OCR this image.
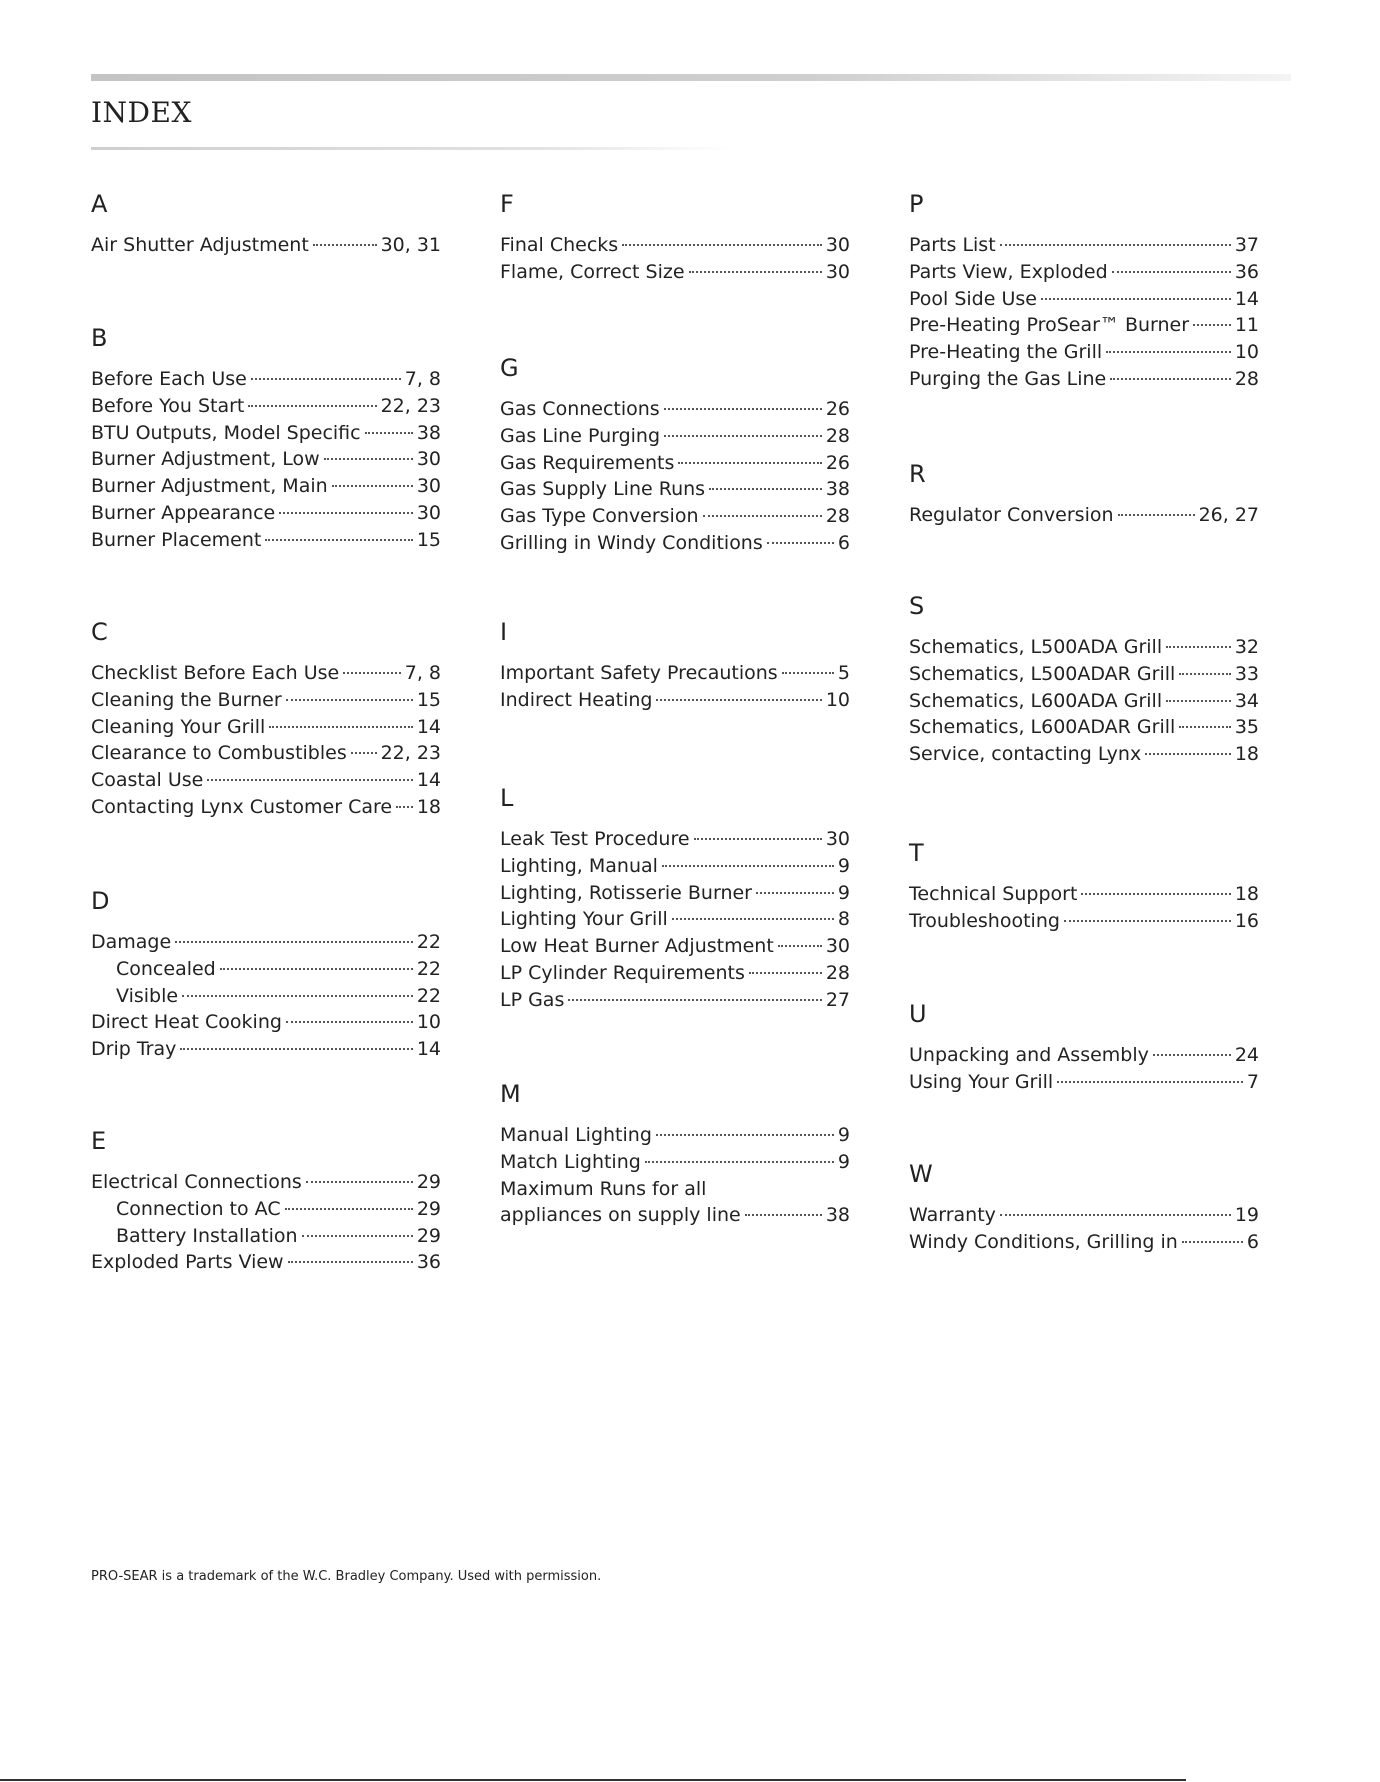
INDEX
A
Air Shutter Adjustment	30, 31
B
Before Each Use	7, 8
Before You Start	22, 23
BTU Outputs, Model Specific	38
Burner Adjustment, Low	30
Burner Adjustment, Main	30
Burner Appearance	30
Burner Placement	15
C
Checklist Before Each Use	7, 8
Cleaning the Burner	15
Cleaning Your Grill	14
Clearance to Combustibles 22, 23
Coastal Use	14
Contacting Lynx Customer Care 18
D
Damage	22
Concealed	22
Visible	22
Direct Heat Cooking	10
Drip Tray	14
E
Electrical Connections	29
Connection to AC	29
Battery Installation	29
Exploded Parts View	36
F
Final Checks	30
Flame, Correct Size	30
G
Gas Connections	26
Gas Line Purging	28
Gas Requirements	26
Gas Supply Line Runs	38
Gas Type Conversion	28
Grilling in Windy Conditions	6
I
Important Safety Precautions	5
Indirect Heating	10
L
Leak Test Procedure	30
Lighting, Manual	9
Lighting, Rotisserie Burner	9
Lighting Your Grill	8
Low Heat Burner Adjustment	30
LP Cylinder Requirements	28
LP Gas	27
M
Manual Lighting	9
Match Lighting	9
Maximum Runs for all
appliances on supply line	38
P
Parts List	37
Parts View, Exploded	36
Pool Side Use	14
Pre-Heating ProSear™ Burner 11
Pre-Heating the Grill	10
Purging the Gas Line	28
R
Regulator Conversion	26, 27
S
Schematics, L500ADA Grill	32
Schematics, L500ADAR Grill	33
Schematics, L600ADA Grill	34
Schematics, L600ADAR Grill	35
Service, contacting Lynx	18
T
Technical Support	18
Troubleshooting	16
U
Unpacking and Assembly	24
Using Your Grill	7
W
Warranty	19
Windy Conditions, Grilling in	6

PRO-SEAR is a trademark of the W.C. Bradley Company. Used with permission.
